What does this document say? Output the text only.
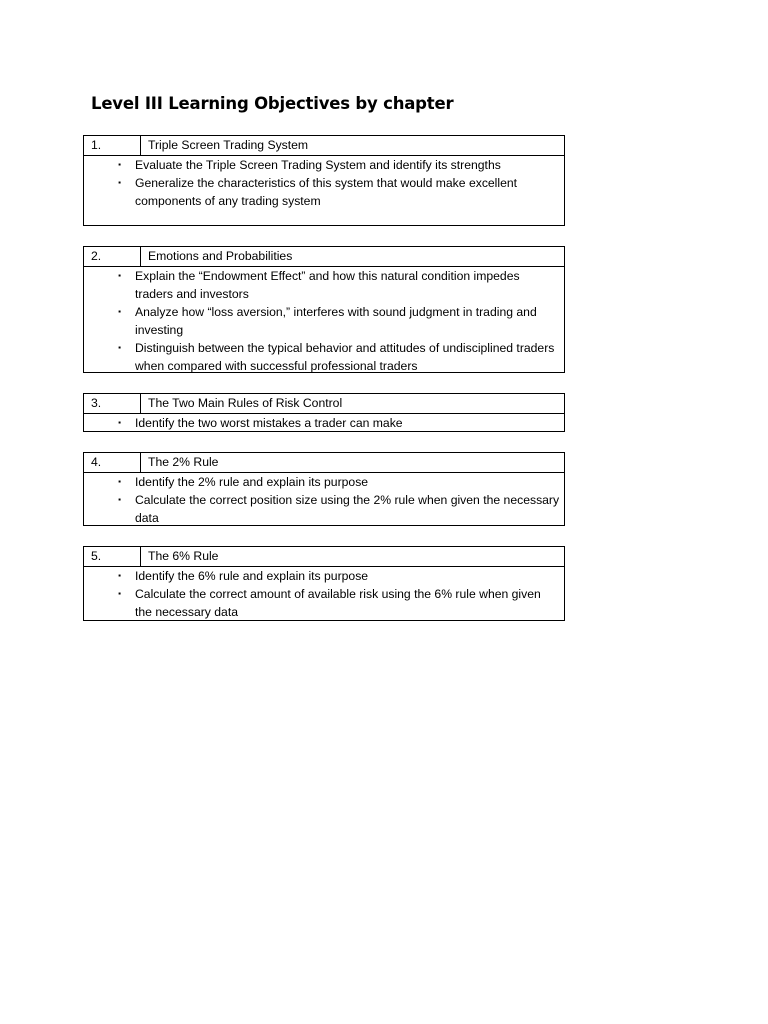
Level III Learning Objectives by chapter
1.	Triple Screen Trading System
▪	Evaluate the Triple Screen Trading System and identify its strengths
▪	Generalize the characteristics of this system that would make excellent components of any trading system
2.	Emotions and Probabilities
▪	Explain the “Endowment Effect” and how this natural condition impedes traders and investors
▪	Analyze how “loss aversion,” interferes with sound judgment in trading and investing
▪	Distinguish between the typical behavior and attitudes of undisciplined traders when compared with successful professional traders
3.	The Two Main Rules of Risk Control
▪	Identify the two worst mistakes a trader can make
4.	The 2% Rule
▪	Identify the 2% rule and explain its purpose
▪	Calculate the correct position size using the 2% rule when given the necessary data
5.	The 6% Rule
▪	Identify the 6% rule and explain its purpose
▪	Calculate the correct amount of available risk using the 6% rule when given the necessary data
